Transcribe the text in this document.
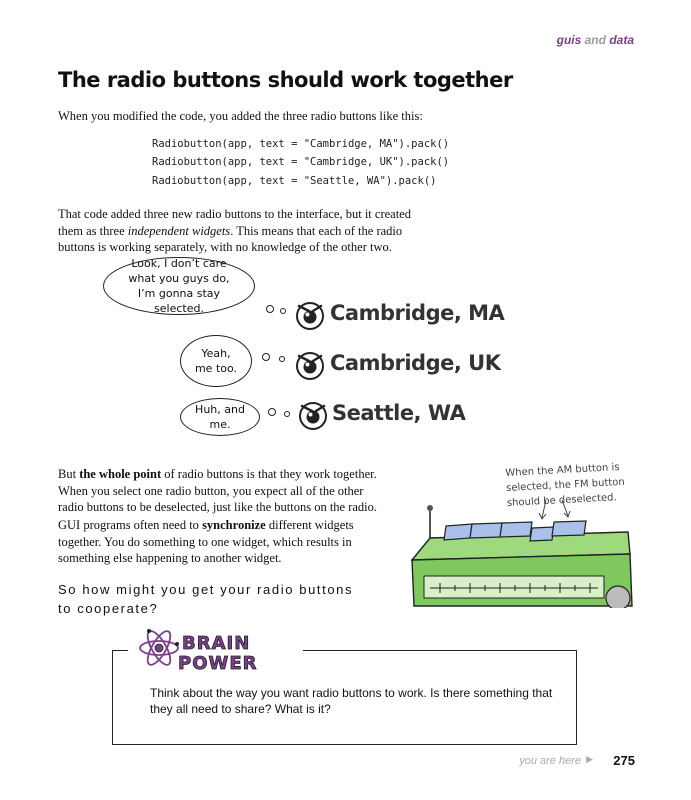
guis and data
The radio buttons should work together
When you modified the code, you added the three radio buttons like this:
Radiobutton(app, text = "Cambridge, MA").pack()
Radiobutton(app, text = "Cambridge, UK").pack()
Radiobutton(app, text = "Seattle, WA").pack()
That code added three new radio buttons to the interface, but it created them as three independent widgets. This means that each of the radio buttons is working separately, with no knowledge of the other two.
Look, I don’t care what you guys do, I’m gonna stay selected.
Yeah, me too.
Huh, and me.
Cambridge, MA
Cambridge, UK
Seattle, WA
But the whole point of radio buttons is that they work together. When you select one radio button, you expect all of the other radio buttons to be deselected, just like the buttons on the radio.
GUI programs often need to synchronize different widgets together. You do something to one widget, which results in something else happening to another widget.
When the AM button is selected, the FM button should be deselected.
So how might you get your radio buttons to cooperate?
BRAIN
POWER
Think about the way you want radio buttons to work. Is there something that they all need to share? What is it?
you are here ▶ 275
